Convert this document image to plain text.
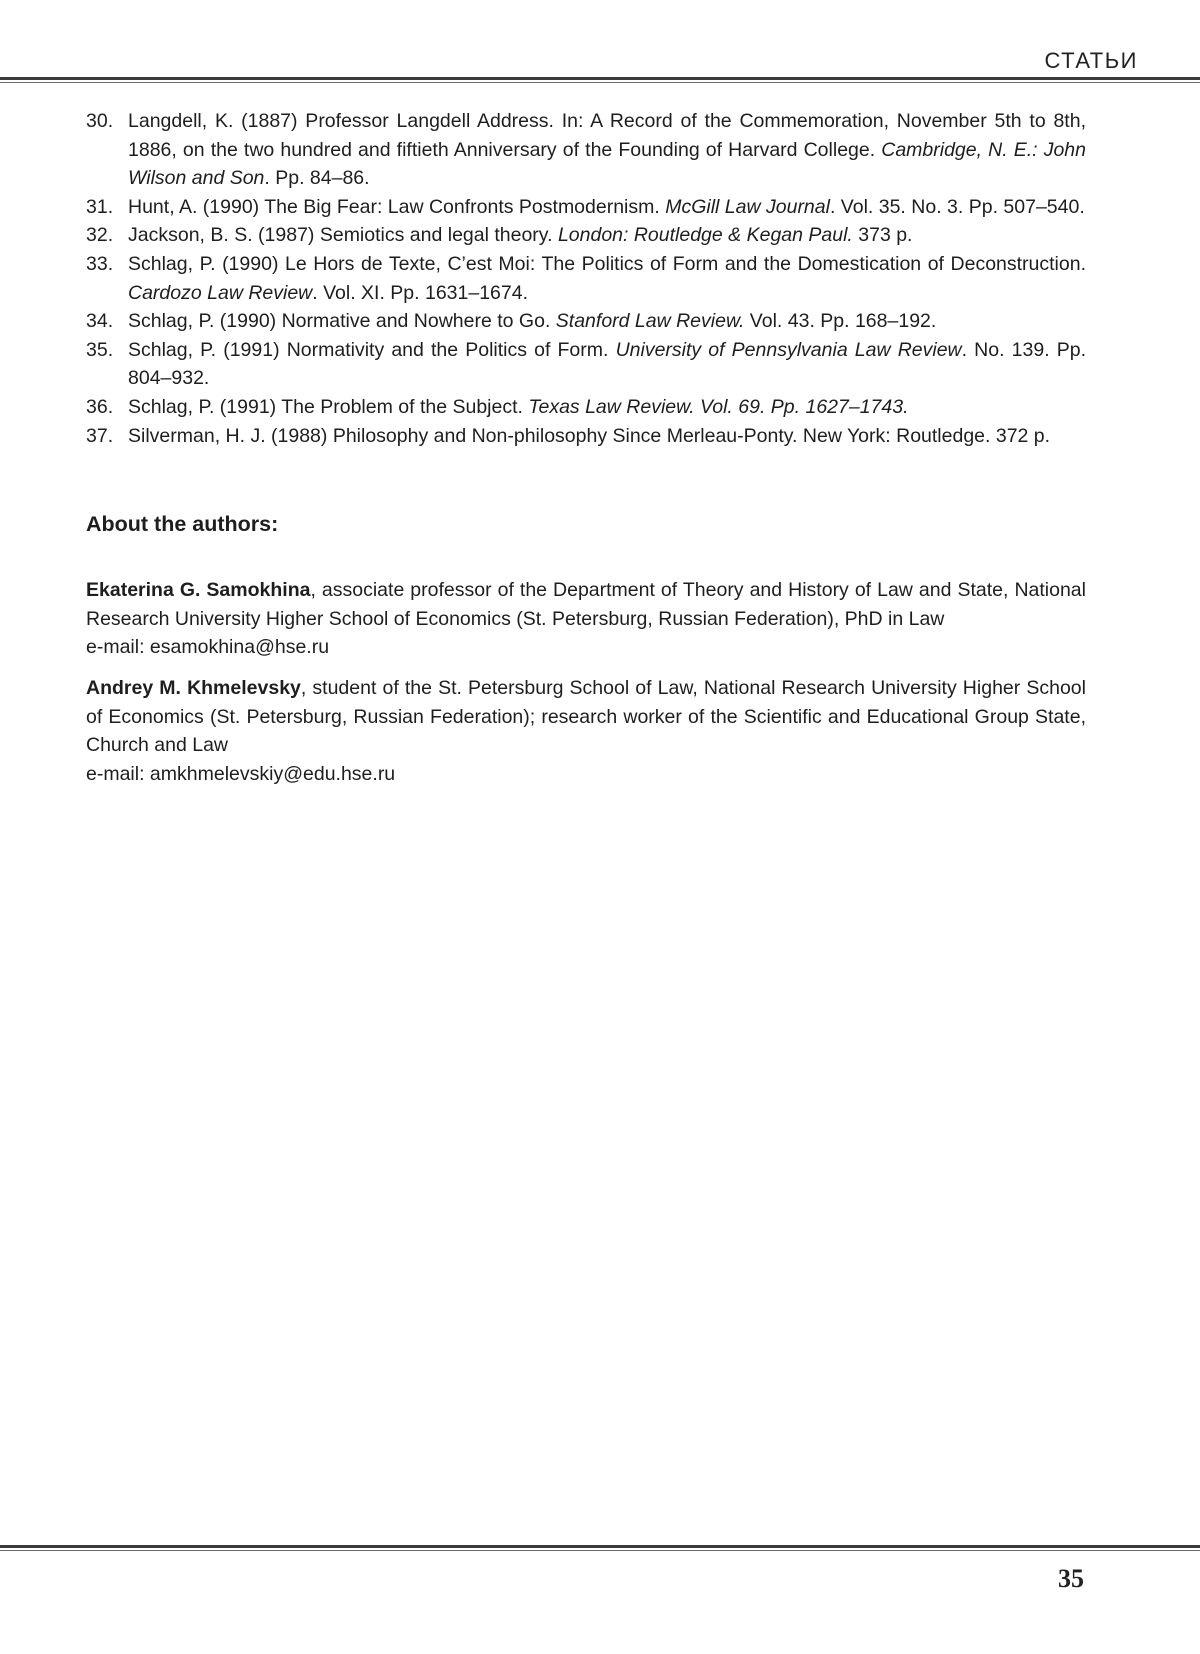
СТАТЬИ
30. Langdell, K. (1887) Professor Langdell Address. In: A Record of the Commemoration, November 5th to 8th, 1886, on the two hundred and fiftieth Anniversary of the Founding of Harvard College. Cambridge, N. E.: John Wilson and Son. Pp. 84–86.
31. Hunt, A. (1990) The Big Fear: Law Confronts Postmodernism. McGill Law Journal. Vol. 35. No. 3. Pp. 507–540.
32. Jackson, B. S. (1987) Semiotics and legal theory. London: Routledge & Kegan Paul. 373 p.
33. Schlag, P. (1990) Le Hors de Texte, C’est Moi: The Politics of Form and the Domestication of Deconstruction. Cardozo Law Review. Vol. XI. Pp. 1631–1674.
34. Schlag, P. (1990) Normative and Nowhere to Go. Stanford Law Review. Vol. 43. Pp. 168–192.
35. Schlag, P. (1991) Normativity and the Politics of Form. University of Pennsylvania Law Review. No. 139. Pp. 804–932.
36. Schlag, P. (1991) The Problem of the Subject. Texas Law Review. Vol. 69. Pp. 1627–1743.
37. Silverman, H. J. (1988) Philosophy and Non-philosophy Since Merleau-Ponty. New York: Routledge. 372 p.
About the authors:

Ekaterina G. Samokhina, associate professor of the Department of Theory and History of Law and State, National Research University Higher School of Economics (St. Petersburg, Russian Federation), PhD in Law
e-mail: esamokhina@hse.ru

Andrey M. Khmelevsky, student of the St. Petersburg School of Law, National Research University Higher School of Economics (St. Petersburg, Russian Federation); research worker of the Scientific and Educational Group State, Church and Law
e-mail: amkhmelevskiy@edu.hse.ru

35
